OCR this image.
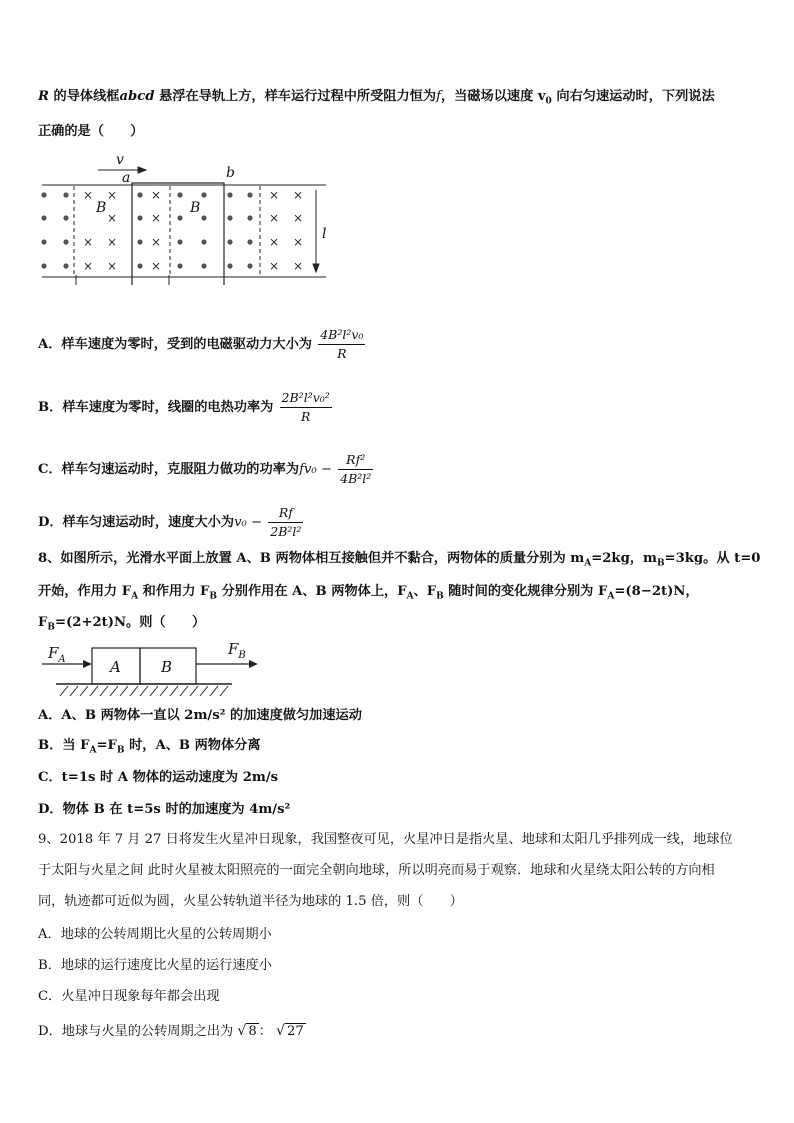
R 的导体线框abcd 悬浮在导轨上方，样车运行过程中所受阻力恒为f，当磁场以速度 $v_0$ 向右匀速运动时，下列说法
正确的是（　　）
× ×	×	× ×
×	×	× ×
× ×	×	× ×
× ×	×	× ×
v
a	b
B	B
l
A．样车速度为零时，受到的电磁驱动力大小为 $\frac{\text{4B²l²v₀}}{R}$
B．样车速度为零时，线圈的电热功率为 $\frac{\text{2B²l²v₀²}}{R}$
C．样车匀速运动时，克服阻力做功的功率为$fv_0 - \frac{\text{Rf²}}{\text{4B²l²}}$
D．样车匀速运动时，速度大小为$v_0 - \frac{Rf}{\text{2B²l²}}$
8、如图所示，光滑水平面上放置 A、B 两物体相互接触但并不黏合，两物体的质量分别为 $m_A=2kg$，$m_B=3kg$。从 t=0
开始，作用力 $F_A$ 和作用力 $F_B$ 分别作用在 A、B 两物体上，$F_A$、$F_B$ 随时间的变化规律分别为 $F_A=(8-2t)N$，
$F_B=(2+2t)N$。则（　　）
$F_A$
$F_B$
A	B
A．A、B 两物体一直以 2m/s² 的加速度做匀加速运动
B．当 $F_A=F_B$ 时，A、B 两物体分离
C．t=1s 时 A 物体的运动速度为 2m/s
D．物体 B 在 t=5s 时的加速度为 4m/s²
9、2018 年 7 月 27 日将发生火星冲日现象，我国整夜可见，火星冲日是指火星、地球和太阳几乎排列成一线，地球位
于太阳与火星之间 此时火星被太阳照亮的一面完全朝向地球，所以明亮而易于观察．地球和火星绕太阳公转的方向相
同，轨迹都可近似为圆，火星公转轨道半径为地球的 1.5 倍，则（　　）
A．地球的公转周期比火星的公转周期小
B．地球的运行速度比火星的运行速度小
C．火星冲日现象每年都会出现
D．地球与火星的公转周期之出为 √ 8 ： √ 27
